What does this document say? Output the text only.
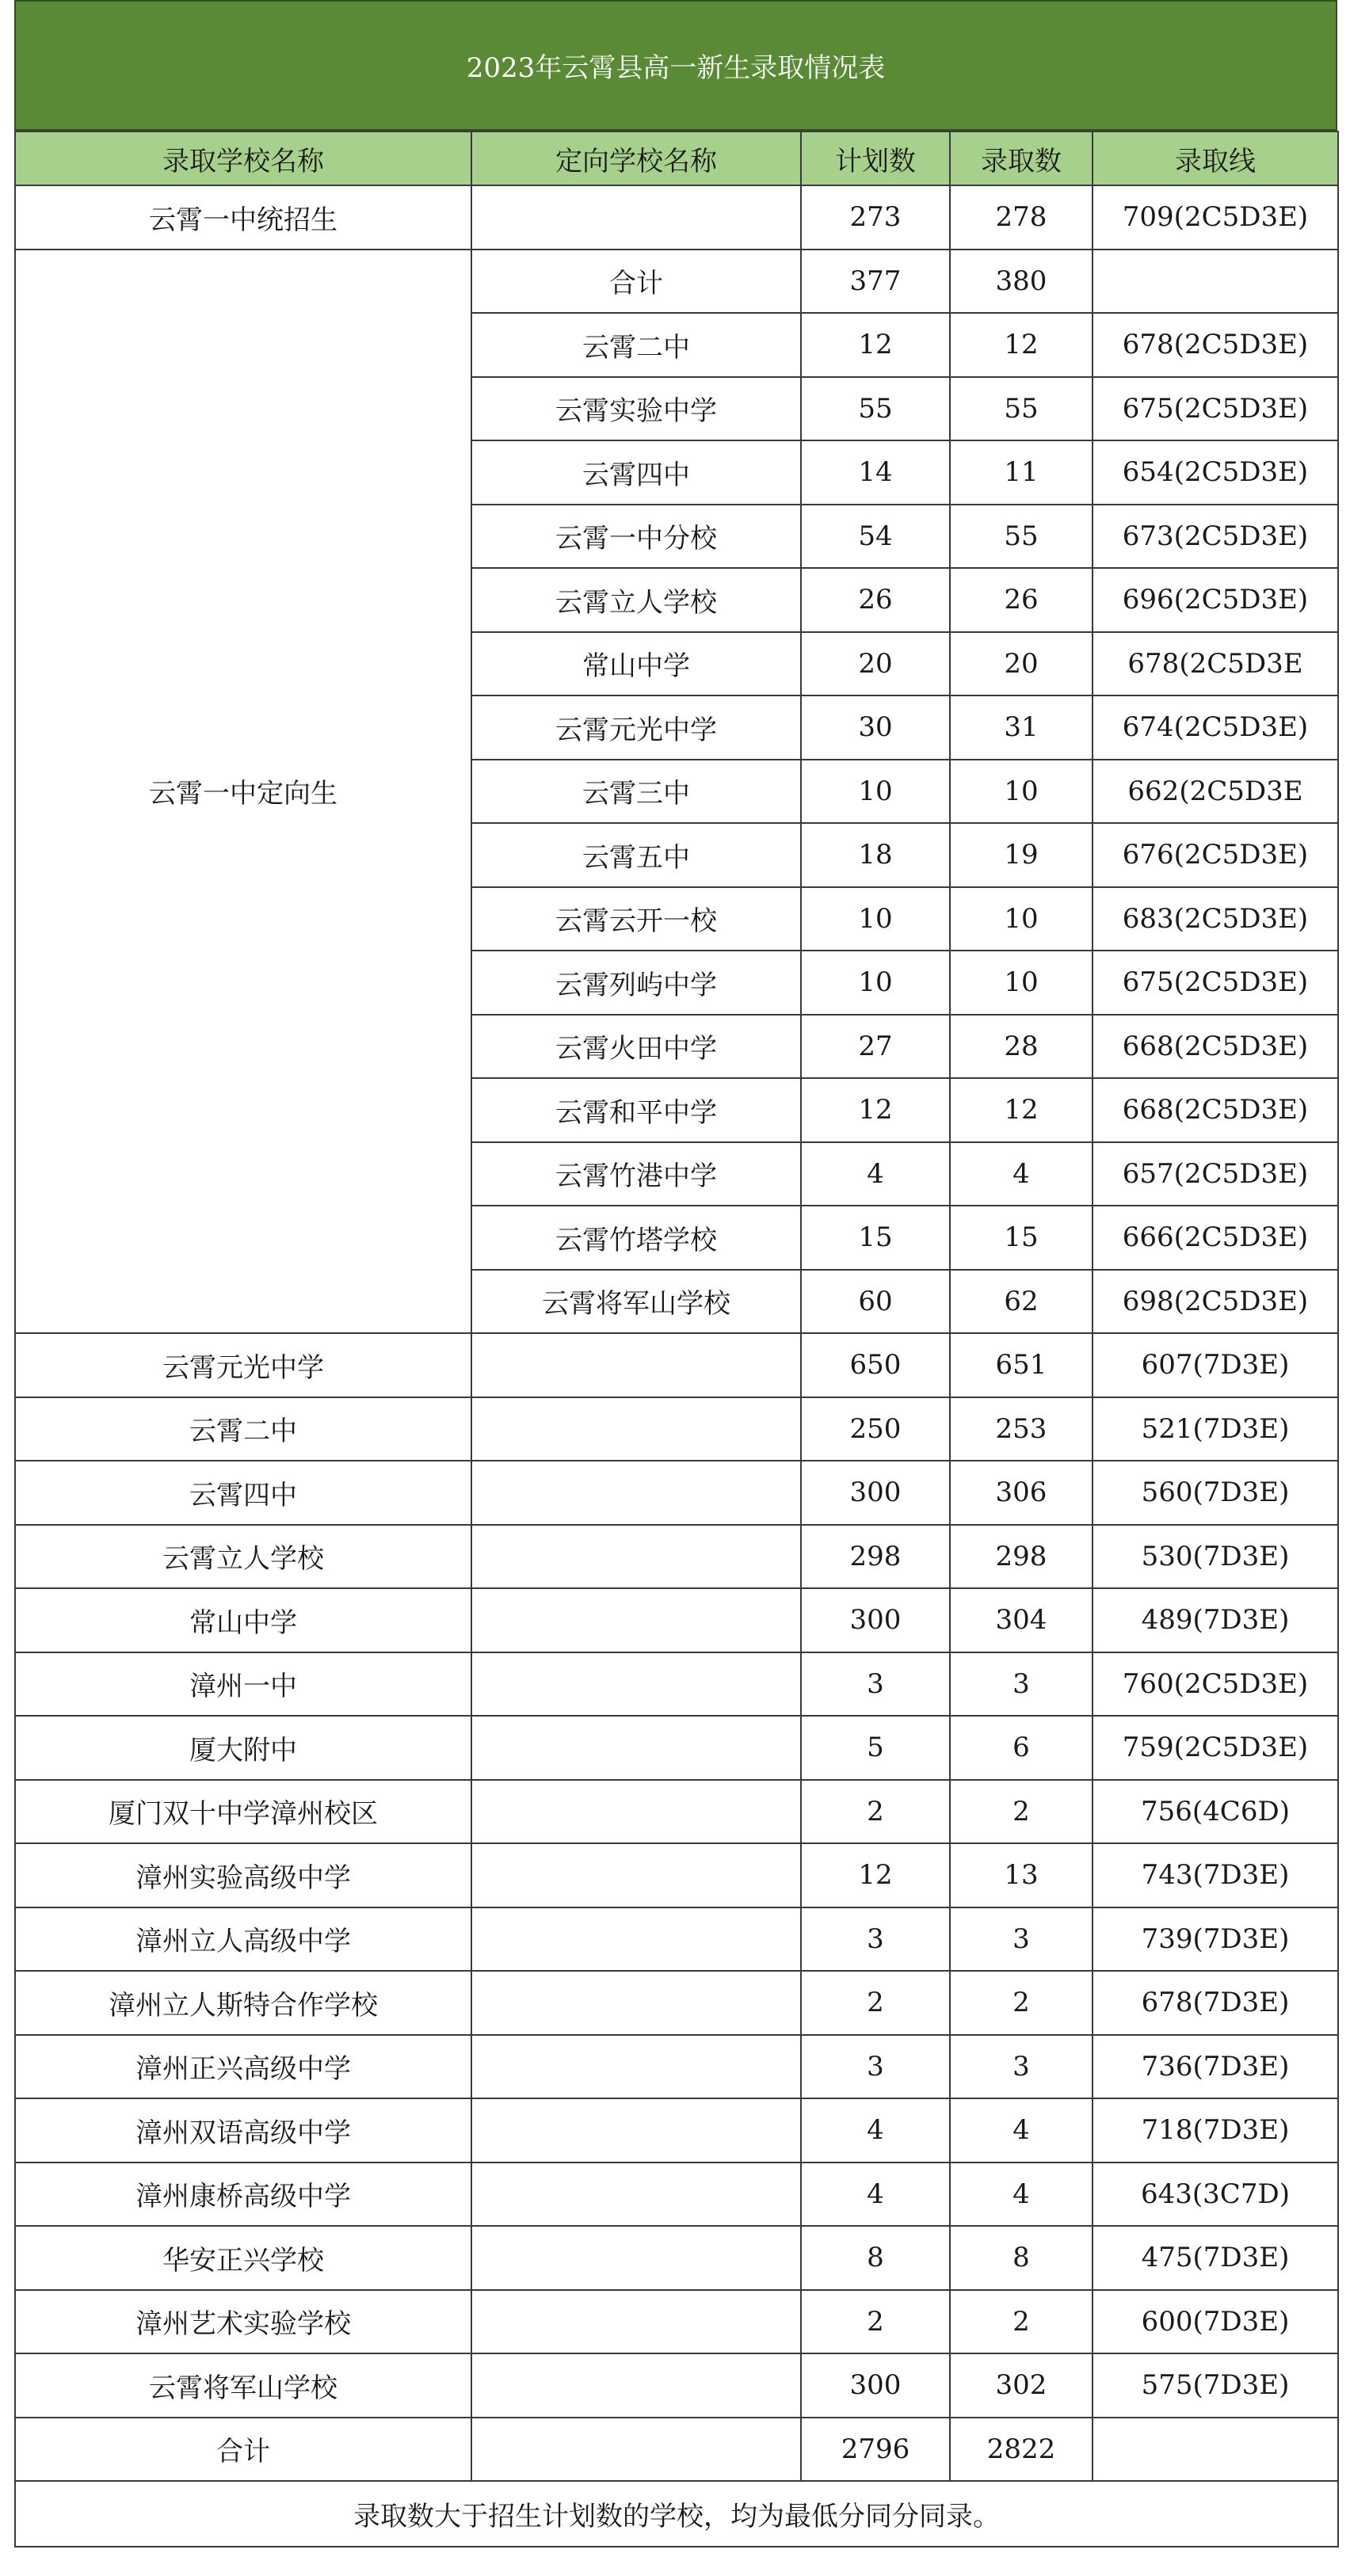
2023年云霄县高一新生录取情况表
录取学校名称	定向学校名称	计划数	录取数	录取线
云霄一中统招生		273	278	709(2C5D3E)
云霄一中定向生	合计	377	380	
	云霄二中	12	12	678(2C5D3E)
	云霄实验中学	55	55	675(2C5D3E)
	云霄四中	14	11	654(2C5D3E)
	云霄一中分校	54	55	673(2C5D3E)
	云霄立人学校	26	26	696(2C5D3E)
	常山中学	20	20	678(2C5D3E
	云霄元光中学	30	31	674(2C5D3E)
	云霄三中	10	10	662(2C5D3E
	云霄五中	18	19	676(2C5D3E)
	云霄云开一校	10	10	683(2C5D3E)
	云霄列屿中学	10	10	675(2C5D3E)
	云霄火田中学	27	28	668(2C5D3E)
	云霄和平中学	12	12	668(2C5D3E)
	云霄竹港中学	4	4	657(2C5D3E)
	云霄竹塔学校	15	15	666(2C5D3E)
	云霄将军山学校	60	62	698(2C5D3E)
云霄元光中学		650	651	607(7D3E)
云霄二中		250	253	521(7D3E)
云霄四中		300	306	560(7D3E)
云霄立人学校		298	298	530(7D3E)
常山中学		300	304	489(7D3E)
漳州一中		3	3	760(2C5D3E)
厦大附中		5	6	759(2C5D3E)
厦门双十中学漳州校区		2	2	756(4C6D)
漳州实验高级中学		12	13	743(7D3E)
漳州立人高级中学		3	3	739(7D3E)
漳州立人斯特合作学校		2	2	678(7D3E)
漳州正兴高级中学		3	3	736(7D3E)
漳州双语高级中学		4	4	718(7D3E)
漳州康桥高级中学		4	4	643(3C7D)
华安正兴学校		8	8	475(7D3E)
漳州艺术实验学校		2	2	600(7D3E)
云霄将军山学校		300	302	575(7D3E)
合计		2796	2822	
录取数大于招生计划数的学校，均为最低分同分同录。				
